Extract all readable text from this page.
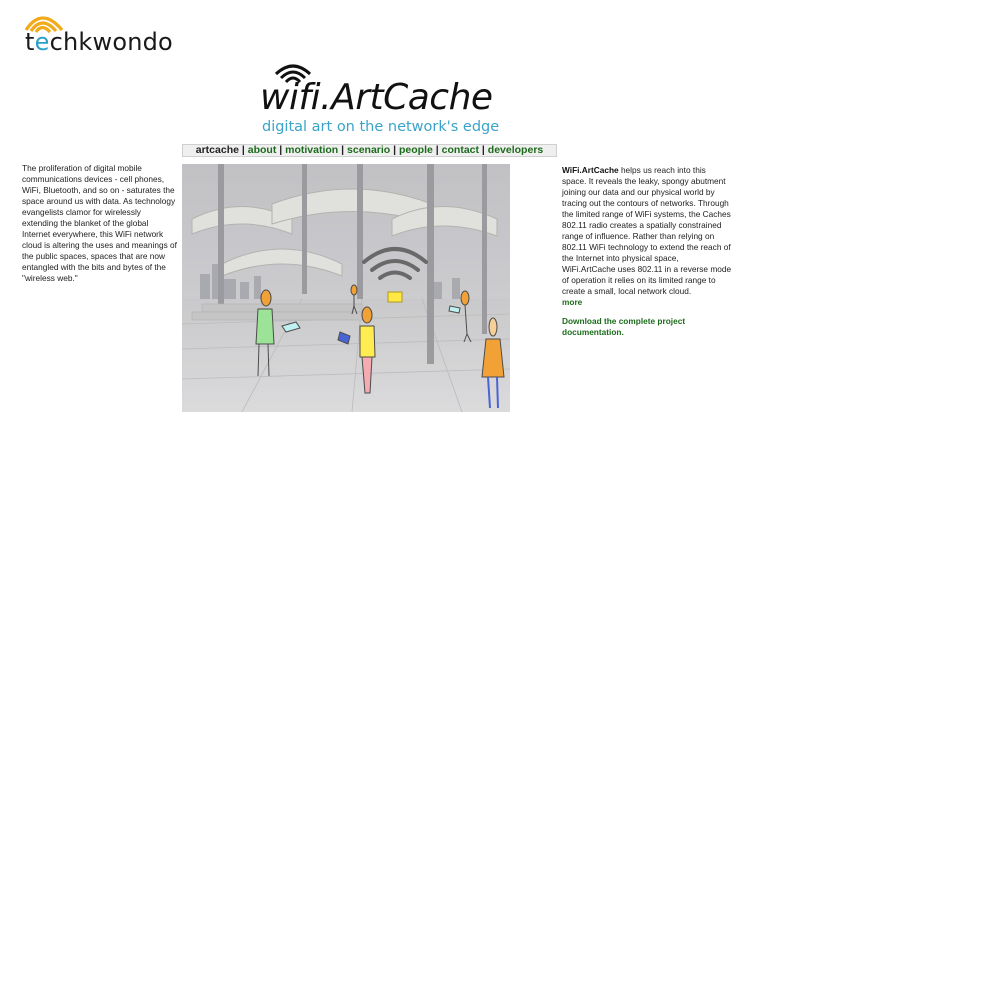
techkwondo
wifi.ArtCache
digital art on the network's edge
artcache | about | motivation | scenario | people | contact | developers
The proliferation of digital mobile communications devices - cell phones, WiFi, Bluetooth, and so on - saturates the space around us with data. As technology evangelists clamor for wirelessly extending the blanket of the global Internet everywhere, this WiFi network cloud is altering the uses and meanings of the public spaces, spaces that are now entangled with the bits and bytes of the "wireless web."
WiFi.ArtCache helps us reach into this space. It reveals the leaky, spongy abutment joining our data and our physical world by tracing out the contours of networks. Through the limited range of WiFi systems, the Caches 802.11 radio creates a spatially constrained range of influence. Rather than relying on 802.11 WiFi technology to extend the reach of the Internet into physical space, WiFi.ArtCache uses 802.11 in a reverse mode of operation it relies on its limited range to create a small, local network cloud.
more
Download the complete project documentation.
